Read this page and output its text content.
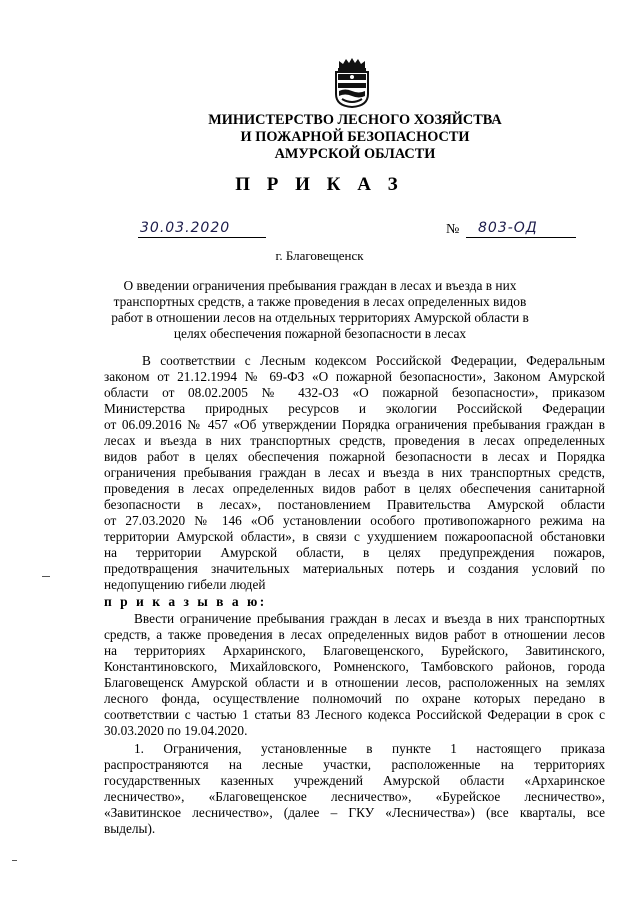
МИНИСТЕРСТВО ЛЕСНОГО ХОЗЯЙСТВА

И ПОЖАРНОЙ БЕЗОПАСНОСТИ

АМУРСКОЙ ОБЛАСТИ

П Р И К А З

30.03.2020	№ 803-ОД
г. Благовещенск

О введении ограничения пребывания граждан в лесах и въезда в них транспортных средств, а также проведения в лесах определенных видов работ в отношении лесов на отдельных территориях Амурской области в целях обеспечения пожарной безопасности в лесах

В соответствии с Лесным кодексом Российской Федерации, Федеральным

законом от 21.12.1994 № 69-ФЗ «О пожарной безопасности», Законом Амурской

области от 08.02.2005 № 432-ОЗ «О пожарной безопасности», приказом

Министерства природных ресурсов и экологии Российской Федерации

от 06.09.2016 № 457 «Об утверждении Порядка ограничения пребывания граждан в

лесах и въезда в них транспортных средств, проведения в лесах определенных

видов работ в целях обеспечения пожарной безопасности в лесах и Порядка

ограничения пребывания граждан в лесах и въезда в них транспортных средств,

проведения в лесах определенных видов работ в целях обеспечения санитарной

безопасности в лесах», постановлением Правительства Амурской области

от 27.03.2020 № 146 «Об установлении особого противопожарного режима на

территории Амурской области», в связи с ухудшением пожароопасной обстановки

на территории Амурской области, в целях предупреждения пожаров,

предотвращения значительных материальных потерь и создания условий по

недопущению гибели людей

п р и к а з ы в а ю:

Ввести ограничение пребывания граждан в лесах и въезда в них транспортных

средств, а также проведения в лесах определенных видов работ в отношении лесов

на территориях Архаринского, Благовещенского, Бурейского, Завитинского,

Константиновского, Михайловского, Ромненского, Тамбовского районов, города

Благовещенск Амурской области и в отношении лесов, расположенных на землях

лесного фонда, осуществление полномочий по охране которых передано в

соответствии с частью 1 статьи 83 Лесного кодекса Российской Федерации в срок с

30.03.2020 по 19.04.2020.

1. Ограничения, установленные в пункте 1 настоящего приказа

распространяются на лесные участки, расположенные на территориях

государственных казенных учреждений Амурской области «Архаринское

лесничество», «Благовещенское лесничество», «Бурейское лесничество»,

«Завитинское лесничество», (далее – ГКУ «Лесничества») (все кварталы, все

выделы).
